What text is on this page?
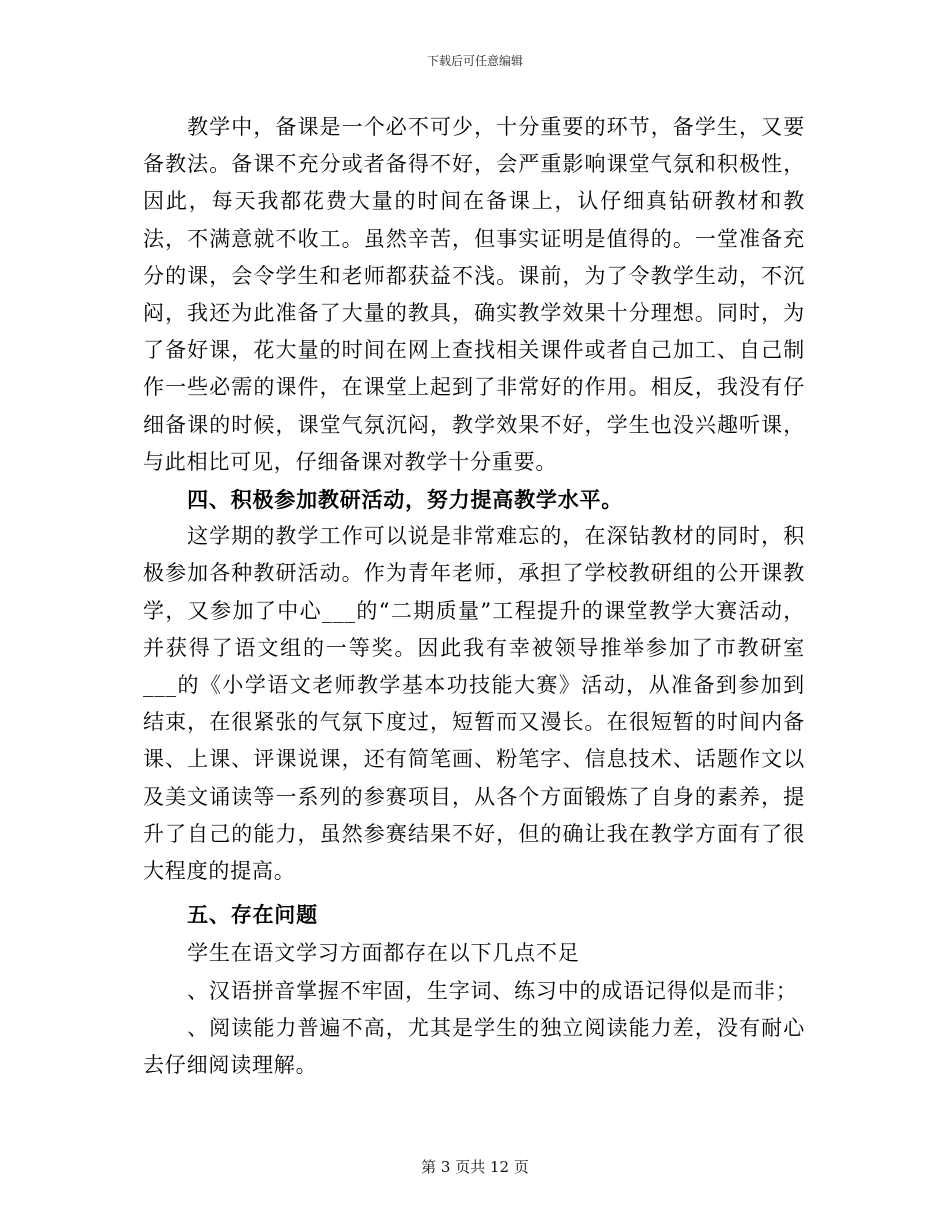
下载后可任意编辑

教学中，备课是一个必不可少，十分重要的环节，备学生，又要备教法。备课不充分或者备得不好，会严重影响课堂气氛和积极性，因此，每天我都花费大量的时间在备课上，认仔细真钻研教材和教法，不满意就不收工。虽然辛苦，但事实证明是值得的。一堂准备充分的课，会令学生和老师都获益不浅。课前，为了令教学生动，不沉闷，我还为此准备了大量的教具，确实教学效果十分理想。同时，为了备好课，花大量的时间在网上查找相关课件或者自己加工、自己制作一些必需的课件，在课堂上起到了非常好的作用。相反，我没有仔细备课的时候，课堂气氛沉闷，教学效果不好，学生也没兴趣听课，与此相比可见，仔细备课对教学十分重要。

四、积极参加教研活动，努力提高教学水平。

这学期的教学工作可以说是非常难忘的，在深钻教材的同时，积极参加各种教研活动。作为青年老师，承担了学校教研组的公开课教学，又参加了中心___的“二期质量”工程提升的课堂教学大赛活动，并获得了语文组的一等奖。因此我有幸被领导推举参加了市教研室___的《小学语文老师教学基本功技能大赛》活动，从准备到参加到结束，在很紧张的气氛下度过，短暂而又漫长。在很短暂的时间内备课、上课、评课说课，还有简笔画、粉笔字、信息技术、话题作文以及美文诵读等一系列的参赛项目，从各个方面锻炼了自身的素养，提升了自己的能力，虽然参赛结果不好，但的确让我在教学方面有了很大程度的提高。

五、存在问题

学生在语文学习方面都存在以下几点不足

、汉语拼音掌握不牢固，生字词、练习中的成语记得似是而非；

、阅读能力普遍不高，尤其是学生的独立阅读能力差，没有耐心去仔细阅读理解。

第 3 页共 12 页
